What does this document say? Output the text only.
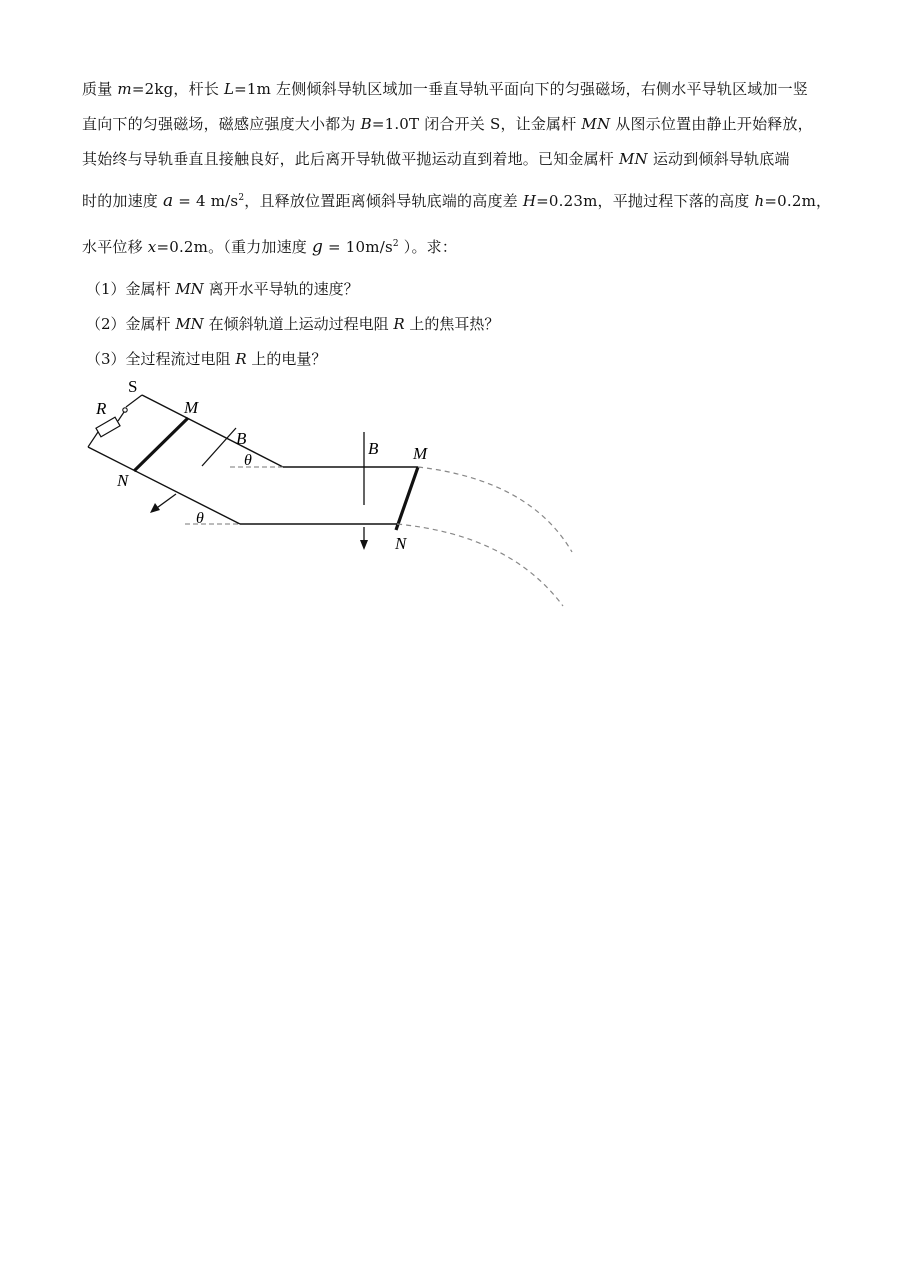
质量 m=2kg，杆长 L=1m 左侧倾斜导轨区域加一垂直导轨平面向下的匀强磁场，右侧水平导轨区域加一竖
直向下的匀强磁场，磁感应强度大小都为 B=1.0T 闭合开关 S，让金属杆 MN 从图示位置由静止开始释放，
其始终与导轨垂直且接触良好，此后离开导轨做平抛运动直到着地。已知金属杆 MN 运动到倾斜导轨底端
时的加速度 a = 4 $m/s^2$，且释放位置距离倾斜导轨底端的高度差 H=0.23m，平抛过程下落的高度 h=0.2m，
水平位移 x=0.2m。（重力加速度 $g = 10m/s^2$ ）。求：
（1）金属杆 MN 离开水平导轨的速度？
（2）金属杆 MN 在倾斜轨道上运动过程电阻 R 上的焦耳热？
（3）全过程流过电阻 R 上的电量？
S
R	M
N
B
θ
θ
B M
N
